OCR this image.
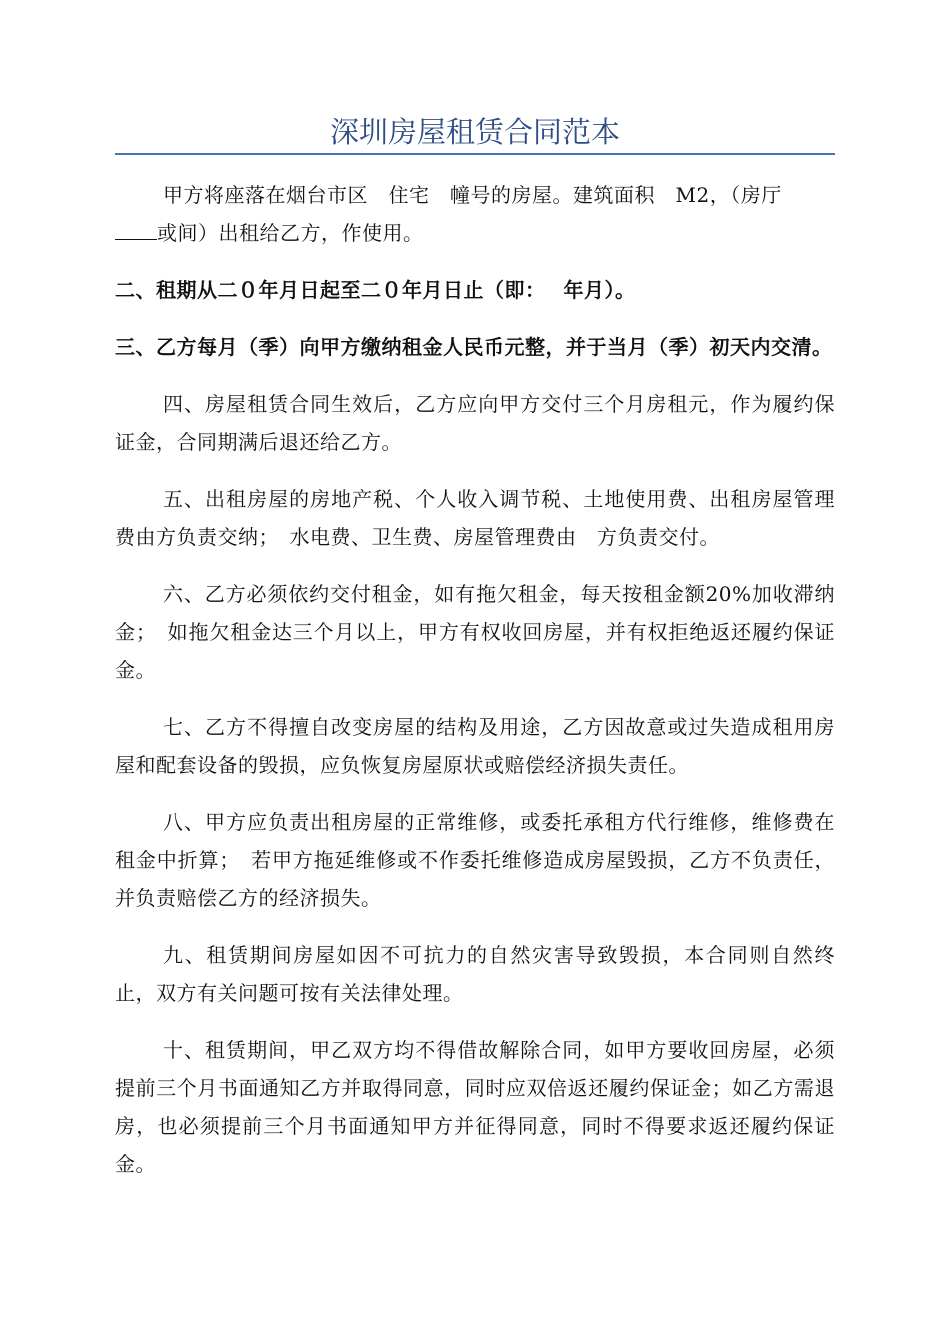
深圳房屋租赁合同范本

甲方将座落在烟台市区　住宅　幢号的房屋。建筑面积　M2，（房厅
或间）出租给乙方，作使用。

二、租期从二０年月日起至二０年月日止（即：　 年月）。

三、乙方每月（季）向甲方缴纳租金人民币元整，并于当月（季）初天内交清。

四、房屋租赁合同生效后，乙方应向甲方交付三个月房租元，作为履约保证金，合同期满后退还给乙方。

五、出租房屋的房地产税、个人收入调节税、土地使用费、出租房屋管理费由方负责交纳；　水电费、卫生费、房屋管理费由　方负责交付。

六、乙方必须依约交付租金，如有拖欠租金，每天按租金额20%加收滞纳金；　如拖欠租金达三个月以上，甲方有权收回房屋，并有权拒绝返还履约保证金。

七、乙方不得擅自改变房屋的结构及用途，乙方因故意或过失造成租用房屋和配套设备的毁损，应负恢复房屋原状或赔偿经济损失责任。

八、甲方应负责出租房屋的正常维修，或委托承租方代行维修，维修费在租金中折算；　若甲方拖延维修或不作委托维修造成房屋毁损，乙方不负责任，并负责赔偿乙方的经济损失。

九、租赁期间房屋如因不可抗力的自然灾害导致毁损，本合同则自然终止，双方有关问题可按有关法律处理。

十、租赁期间，甲乙双方均不得借故解除合同，如甲方要收回房屋，必须提前三个月书面通知乙方并取得同意，同时应双倍返还履约保证金；如乙方需退房，也必须提前三个月书面通知甲方并征得同意，同时不得要求返还履约保证金。
